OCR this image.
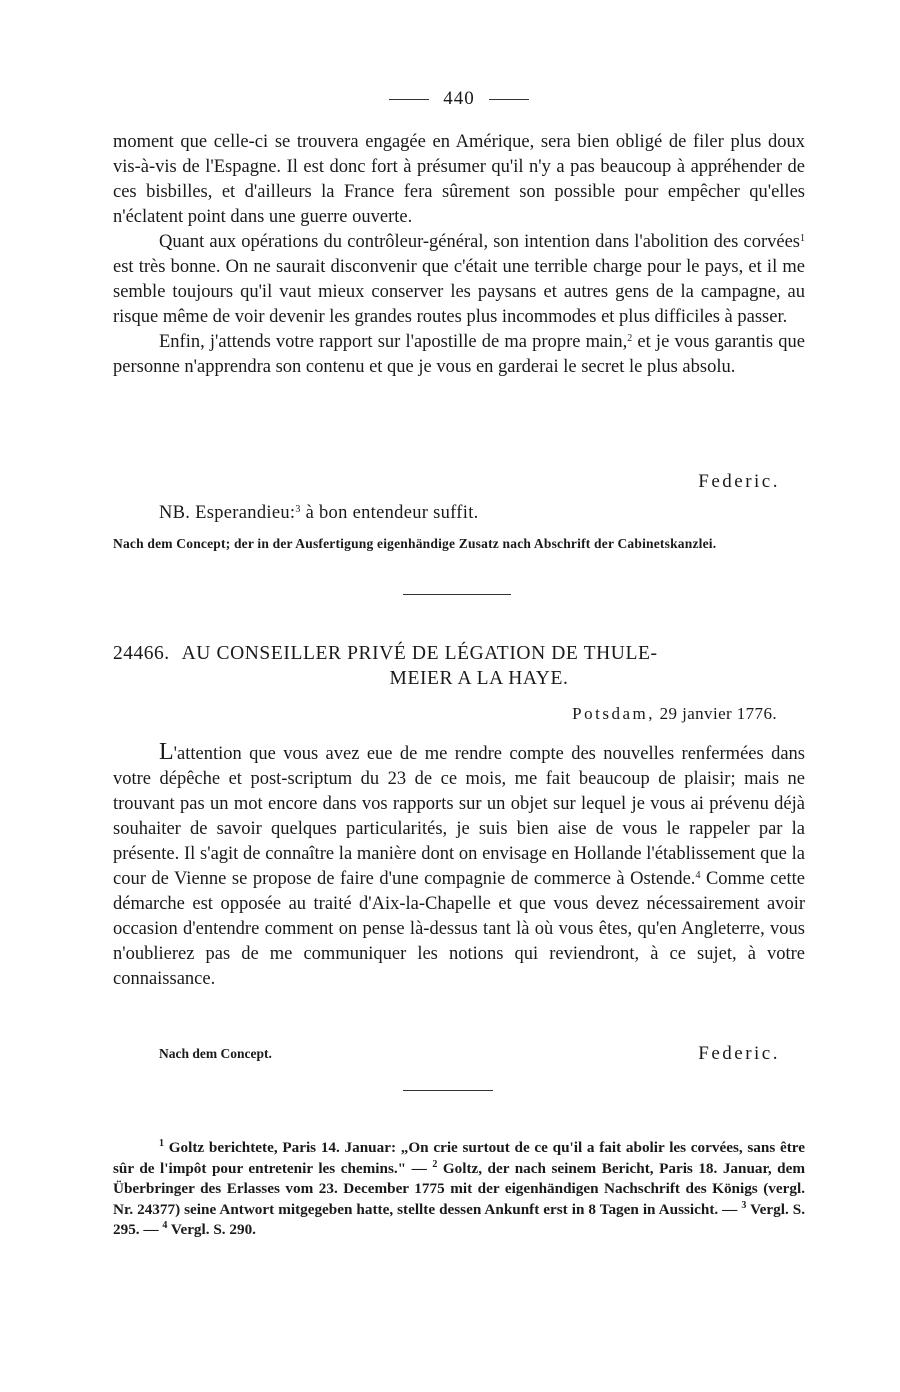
440

moment que celle-ci se trouvera engagée en Amérique, sera bien obligé de filer plus doux vis-à-vis de l'Espagne. Il est donc fort à présumer qu'il n'y a pas beaucoup à appréhender de ces bisbilles, et d'ailleurs la France fera sûrement son possible pour empêcher qu'elles n'éclatent point dans une guerre ouverte.

Quant aux opérations du contrôleur-général, son intention dans l'abolition des corvées$^1$ est très bonne. On ne saurait disconvenir que c'était une terrible charge pour le pays, et il me semble toujours qu'il vaut mieux conserver les paysans et autres gens de la campagne, au risque même de voir devenir les grandes routes plus incommodes et plus difficiles à passer.

Enfin, j'attends votre rapport sur l'apostille de ma propre main,$^2$ et je vous garantis que personne n'apprendra son contenu et que je vous en garderai le secret le plus absolu.

Federic.
NB. Esperandieu:$^3$ à bon entendeur suffit.

Nach dem Concept; der in der Ausfertigung eigenhändige Zusatz nach Abschrift der Cabinetskanzlei.

24466. AU CONSEILLER PRIVÉ DE LÉGATION DE THULE-
MEIER A LA HAYE.
Potsdam, 29 janvier 1776.

L'attention que vous avez eue de me rendre compte des nouvelles renfermées dans votre dépêche et post-scriptum du 23 de ce mois, me fait beaucoup de plaisir; mais ne trouvant pas un mot encore dans vos rapports sur un objet sur lequel je vous ai prévenu déjà souhaiter de savoir quelques particularités, je suis bien aise de vous le rappeler par la présente. Il s'agit de connaître la manière dont on envisage en Hollande l'établissement que la cour de Vienne se propose de faire d'une compagnie de commerce à Ostende.$^4$ Comme cette démarche est opposée au traité d'Aix-la-Chapelle et que vous devez nécessairement avoir occasion d'entendre comment on pense là-dessus tant là où vous êtes, qu'en Angleterre, vous n'oublierez pas de me communiquer les notions qui reviendront, à ce sujet, à votre connaissance.

Nach dem Concept.	Federic.

$^1$ Goltz berichtete, Paris 14. Januar: „On crie surtout de ce qu'il a fait abolir les corvées, sans être sûr de l'impôt pour entretenir les chemins." — $^2$ Goltz, der nach seinem Bericht, Paris 18. Januar, dem Überbringer des Erlasses vom 23. December 1775 mit der eigenhändigen Nachschrift des Königs (vergl. Nr. 24377) seine Antwort mitgegeben hatte, stellte dessen Ankunft erst in 8 Tagen in Aussicht. — $^3$ Vergl. S. 295. — $^4$ Vergl. S. 290.
